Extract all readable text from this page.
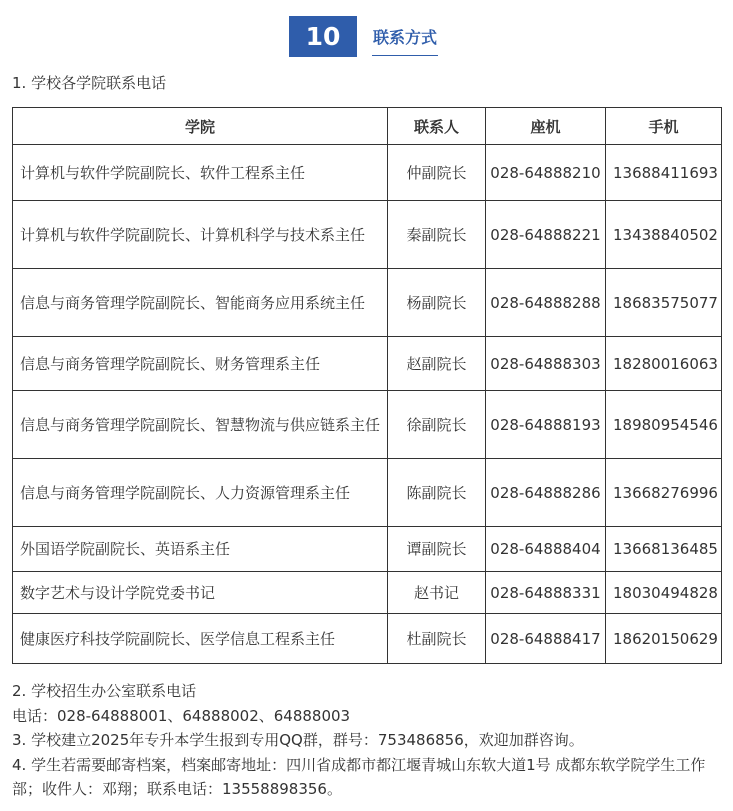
10	联系方式
1. 学校各学院联系电话
学院	联系人	座机	手机
计算机与软件学院副院长、软件工程系主任	仲副院长	028-64888210	13688411693
计算机与软件学院副院长、计算机科学与技术系主任	秦副院长	028-64888221	13438840502
信息与商务管理学院副院长、智能商务应用系统主任	杨副院长	028-64888288	18683575077
信息与商务管理学院副院长、财务管理系主任	赵副院长	028-64888303	18280016063
信息与商务管理学院副院长、智慧物流与供应链系主任	徐副院长	028-64888193	18980954546
信息与商务管理学院副院长、人力资源管理系主任	陈副院长	028-64888286	13668276996
外国语学院副院长、英语系主任	谭副院长	028-64888404	13668136485
数字艺术与设计学院党委书记	赵书记	028-64888331	18030494828
健康医疗科技学院副院长、医学信息工程系主任	杜副院长	028-64888417	18620150629

2. 学校招生办公室联系电话

电话：028-64888001、64888002、64888003

3. 学校建立2025年专升本学生报到专用QQ群，群号：753486856，欢迎加群咨询。

4. 学生若需要邮寄档案，档案邮寄地址：四川省成都市都江堰青城山东软大道1号 成都东软学院学生工作部；收件人：邓翔；联系电话：13558898356。
